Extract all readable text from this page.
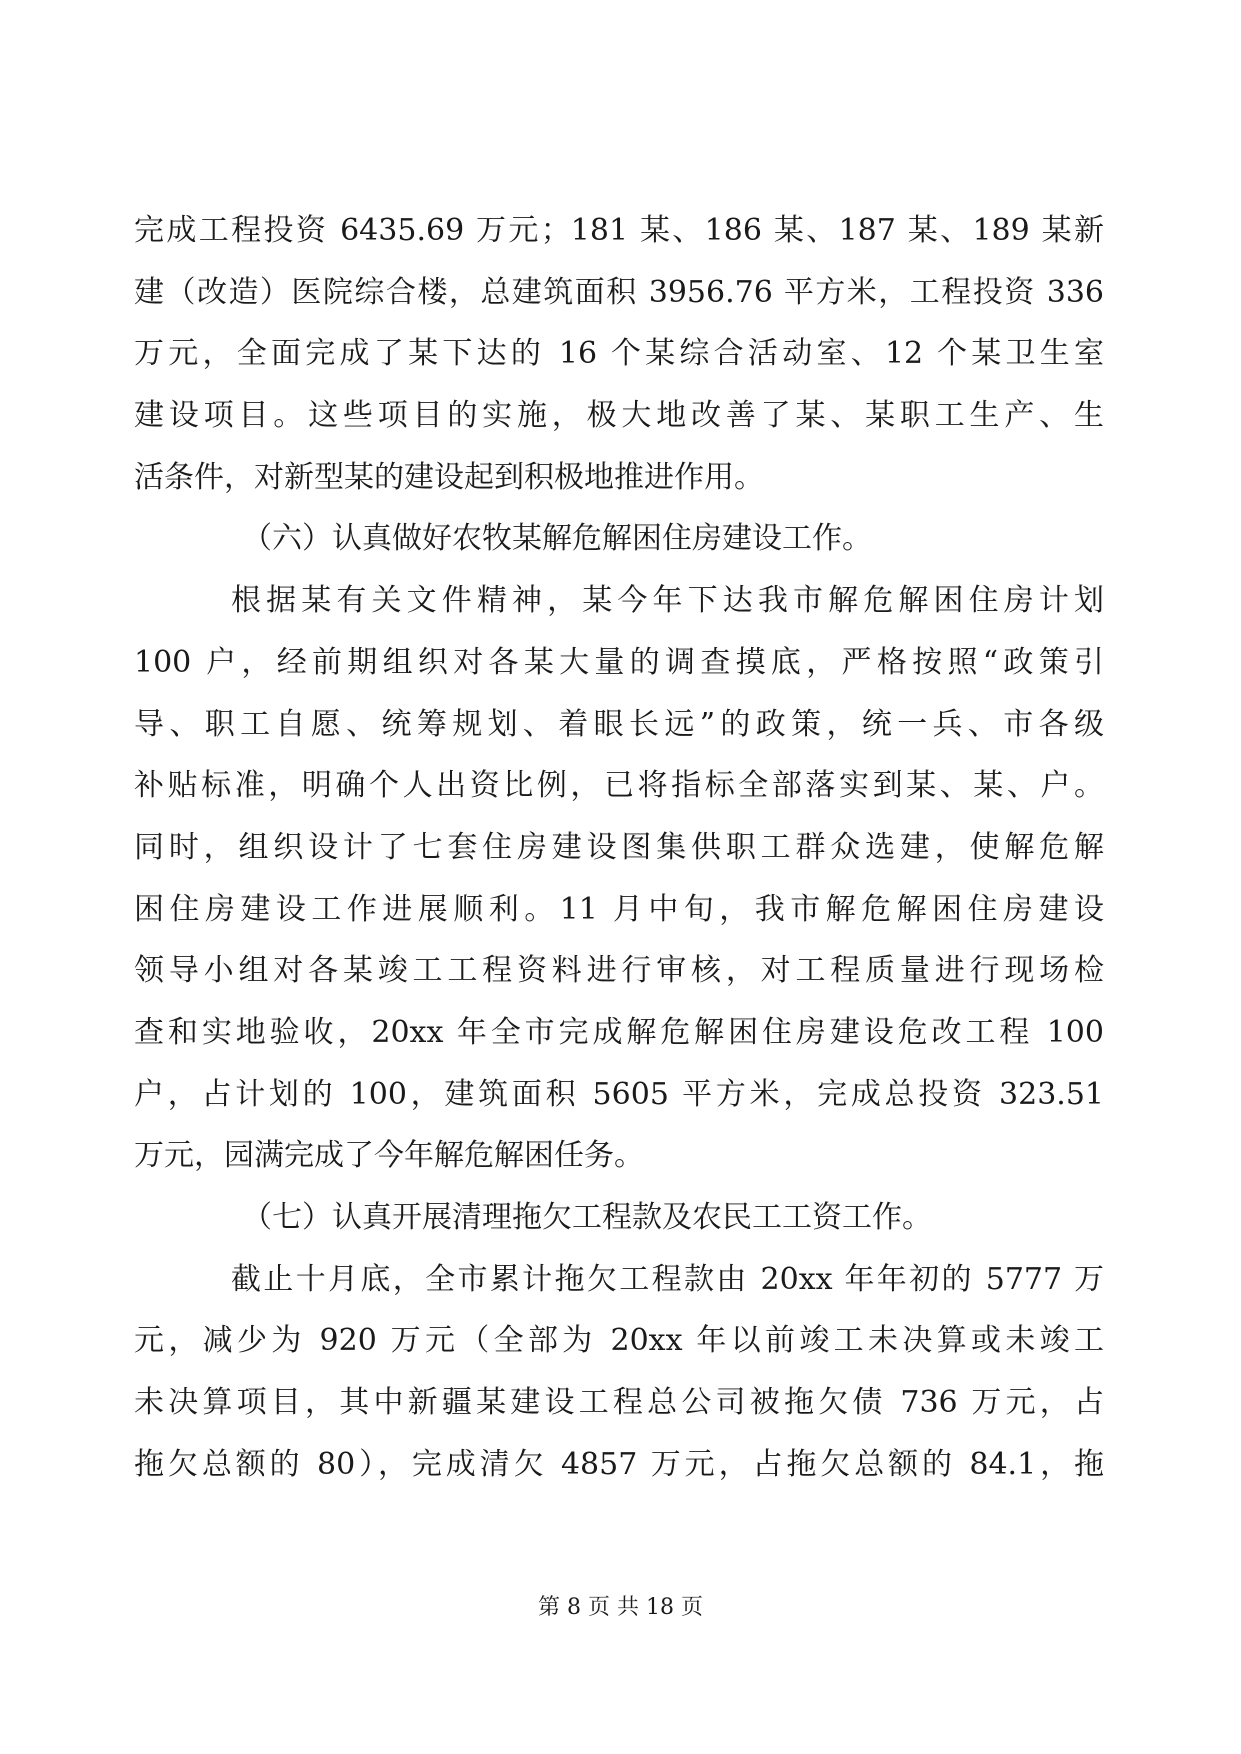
完成工程投资 6435.69 万元；181 某、186 某、187 某、189 某新
建（改造）医院综合楼，总建筑面积 3956.76 平方米，工程投资 336
万元，全面完成了某下达的 16 个某综合活动室、12 个某卫生室
建设项目。这些项目的实施，极大地改善了某、某职工生产、生
活条件，对新型某的建设起到积极地推进作用。
（六）认真做好农牧某解危解困住房建设工作。
根据某有关文件精神，某今年下达我市解危解困住房计划
100 户，经前期组织对各某大量的调查摸底，严格按照“政策引
导、职工自愿、统筹规划、着眼长远”的政策，统一兵、市各级
补贴标准，明确个人出资比例，已将指标全部落实到某、某、户。
同时，组织设计了七套住房建设图集供职工群众选建，使解危解
困住房建设工作进展顺利。11 月中旬，我市解危解困住房建设
领导小组对各某竣工工程资料进行审核，对工程质量进行现场检
查和实地验收，20xx 年全市完成解危解困住房建设危改工程 100
户，占计划的 100，建筑面积 5605 平方米，完成总投资 323.51
万元，园满完成了今年解危解困任务。
（七）认真开展清理拖欠工程款及农民工工资工作。
截止十月底，全市累计拖欠工程款由 20xx 年年初的 5777 万
元，减少为 920 万元（全部为 20xx 年以前竣工未决算或未竣工
未决算项目，其中新疆某建设工程总公司被拖欠债 736 万元，占
拖欠总额的 80），完成清欠 4857 万元，占拖欠总额的 84.1，拖
第 8 页 共 18 页
